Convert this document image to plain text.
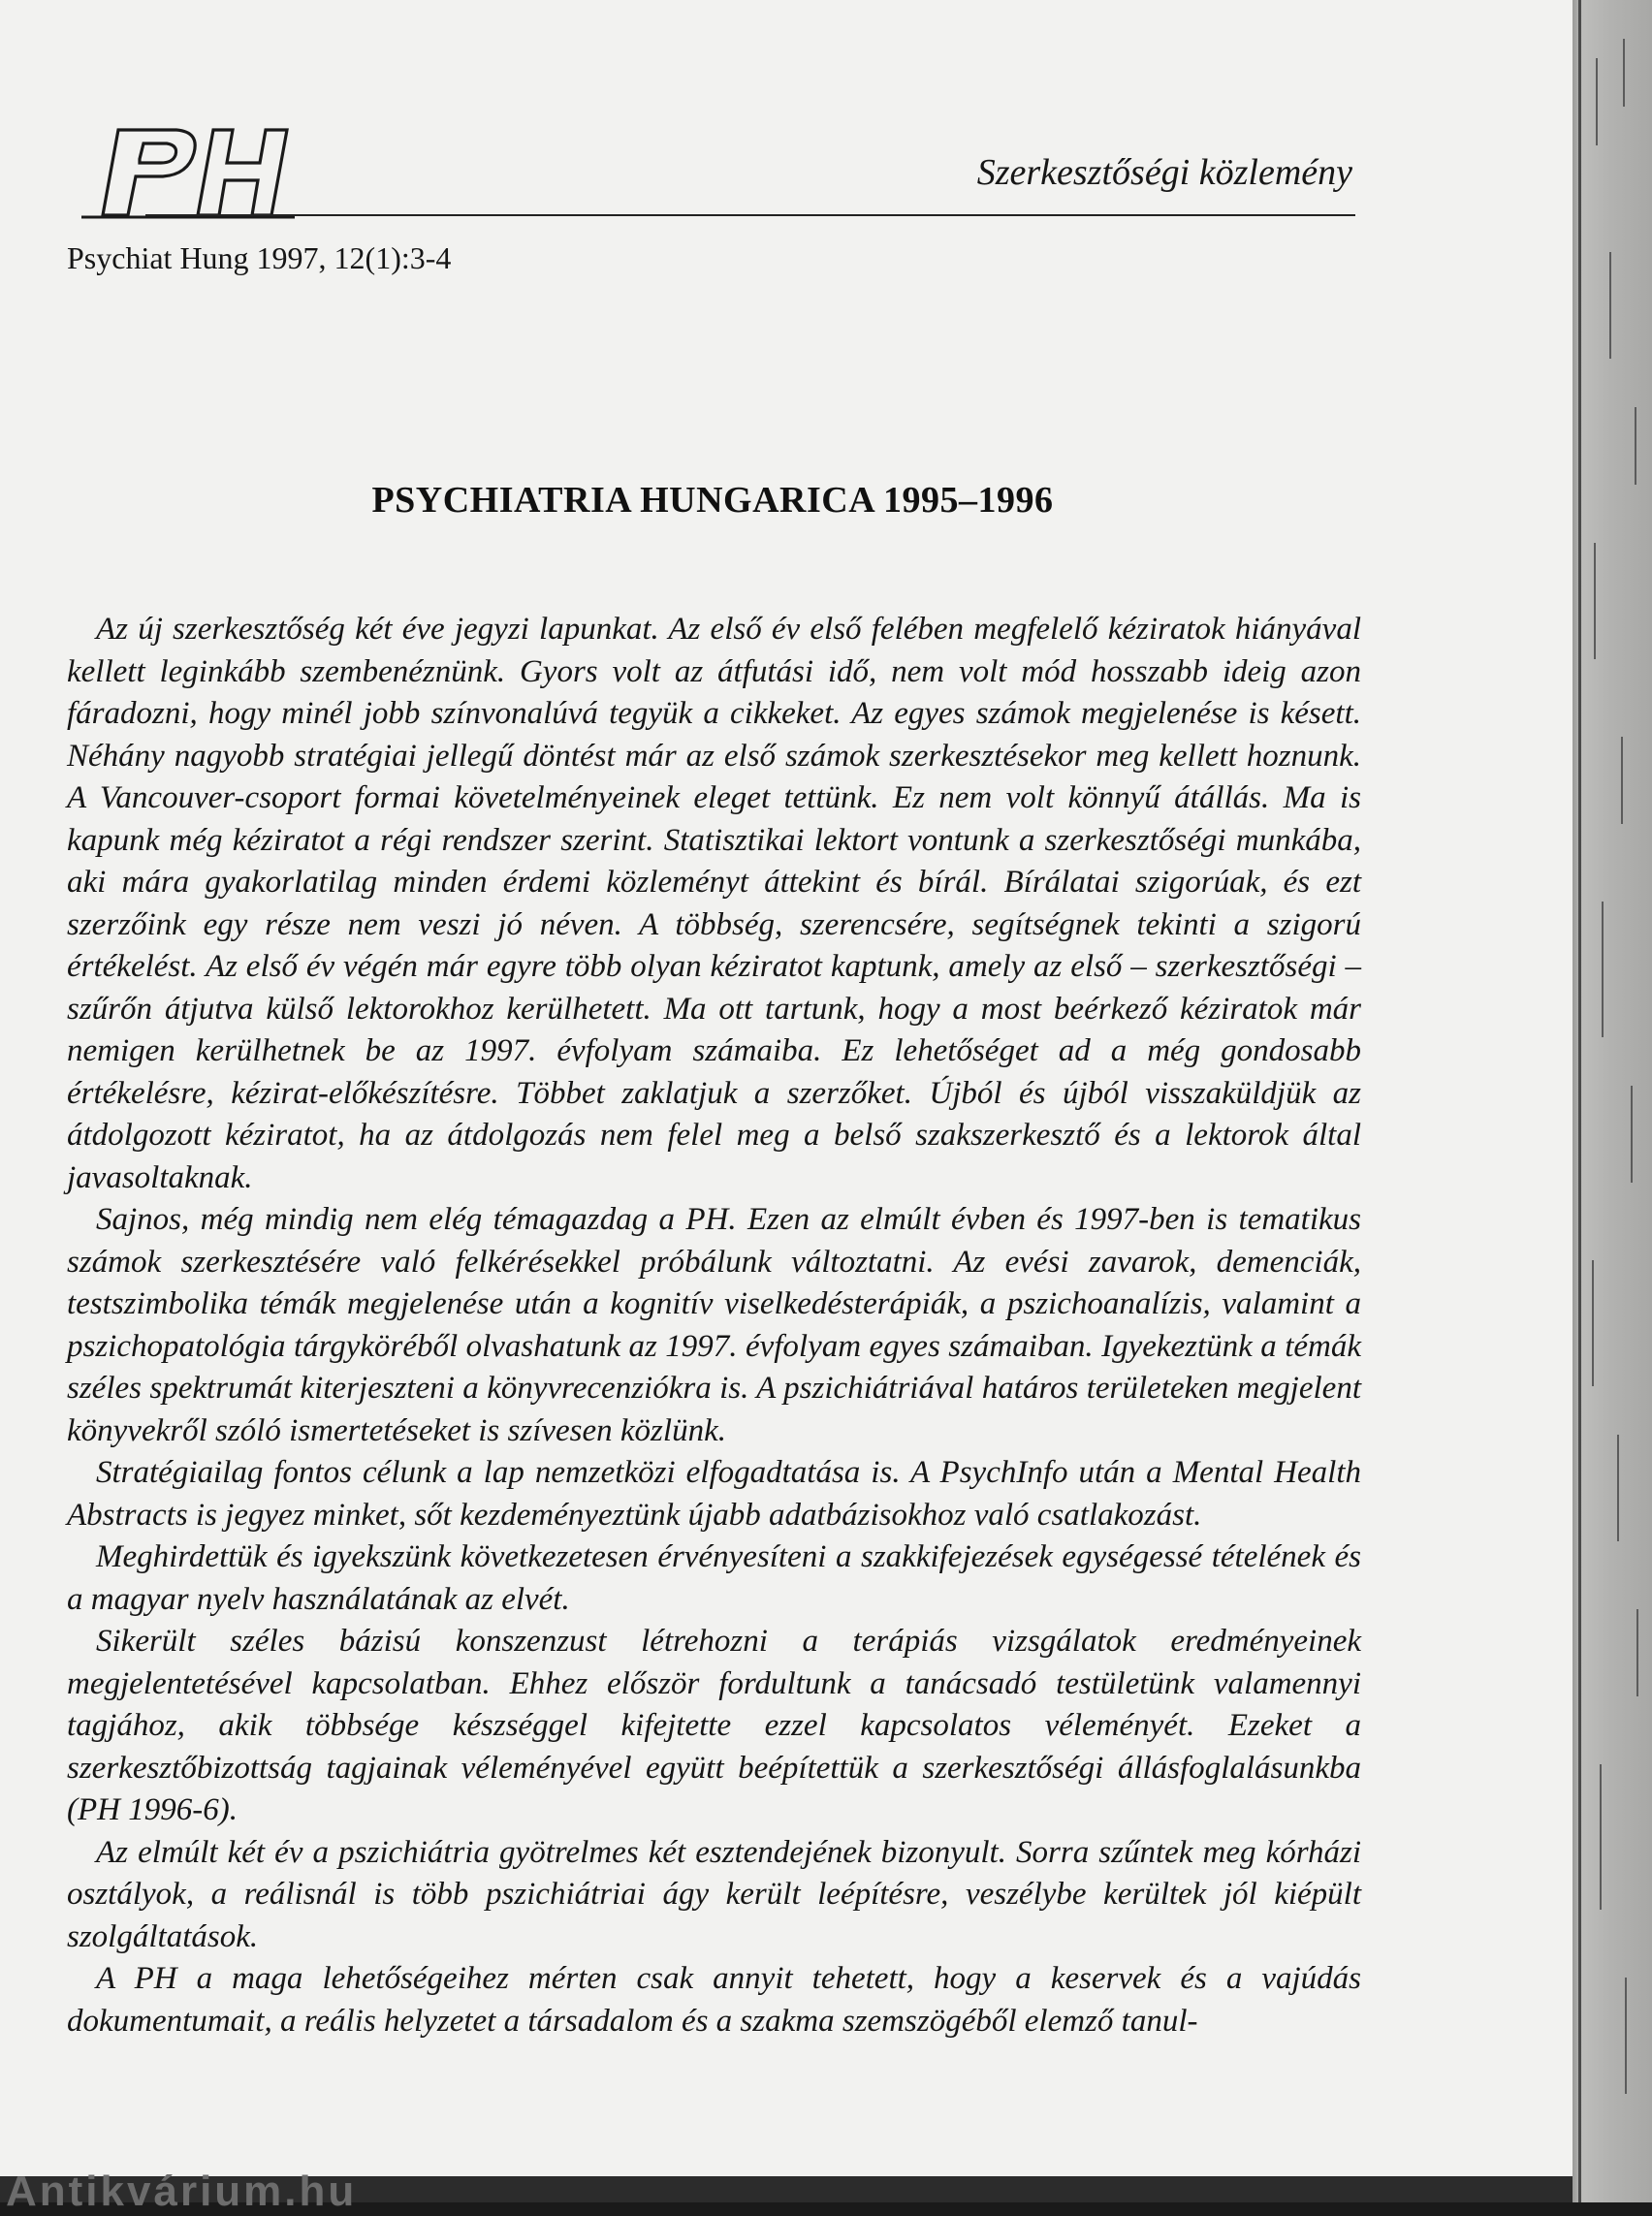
Szerkesztőségi közlemény
Psychiat Hung 1997, 12(1):3-4
PSYCHIATRIA HUNGARICA 1995–1996

Az új szerkesztőség két éve jegyzi lapunkat. Az első év első felében megfelelő kéziratok hiányával kellett leginkább szembenéznünk. Gyors volt az átfutási idő, nem volt mód hosszabb ideig azon fáradozni, hogy minél jobb színvonalúvá tegyük a cikkeket. Az egyes számok megjelenése is késett. Néhány nagyobb stratégiai jellegű döntést már az első számok szerkesztésekor meg kellett hoznunk. A Vancouver-csoport formai követelményeinek eleget tettünk. Ez nem volt könnyű átállás. Ma is kapunk még kéziratot a régi rendszer szerint. Statisztikai lektort vontunk a szerkesztőségi munkába, aki mára gyakorlatilag minden érdemi közleményt áttekint és bírál. Bírálatai szigorúak, és ezt szerzőink egy része nem veszi jó néven. A többség, szerencsére, segítségnek tekinti a szigorú értékelést. Az első év végén már egyre több olyan kéziratot kaptunk, amely az első – szerkesztőségi – szűrőn átjutva külső lektorokhoz kerülhetett. Ma ott tartunk, hogy a most beérkező kéziratok már nemigen kerülhetnek be az 1997. évfolyam számaiba. Ez lehetőséget ad a még gondosabb értékelésre, kézirat-előkészítésre. Többet zaklatjuk a szerzőket. Újból és újból visszaküldjük az átdolgozott kéziratot, ha az átdolgozás nem felel meg a belső szakszerkesztő és a lektorok által javasoltaknak.

Sajnos, még mindig nem elég témagazdag a PH. Ezen az elmúlt évben és 1997-ben is tematikus számok szerkesztésére való felkérésekkel próbálunk változtatni. Az evési zavarok, demenciák, testszimbolika témák megjelenése után a kognitív viselkedésterápiák, a pszichoanalízis, valamint a pszichopatológia tárgyköréből olvashatunk az 1997. évfolyam egyes számaiban. Igyekeztünk a témák széles spektrumát kiterjeszteni a könyvrecenziókra is. A pszichiátriával határos területeken megjelent könyvekről szóló ismertetéseket is szívesen közlünk.

Stratégiailag fontos célunk a lap nemzetközi elfogadtatása is. A PsychInfo után a Mental Health Abstracts is jegyez minket, sőt kezdeményeztünk újabb adatbázisokhoz való csatlakozást.

Meghirdettük és igyekszünk következetesen érvényesíteni a szakkifejezések egységessé tételének és a magyar nyelv használatának az elvét.

Sikerült széles bázisú konszenzust létrehozni a terápiás vizsgálatok eredményeinek megjelentetésével kapcsolatban. Ehhez először fordultunk a tanácsadó testületünk valamennyi tagjához, akik többsége készséggel kifejtette ezzel kapcsolatos véleményét. Ezeket a szerkesztőbizottság tagjainak véleményével együtt beépítettük a szerkesztőségi állásfoglalásunkba (PH 1996-6).

Az elmúlt két év a pszichiátria gyötrelmes két esztendejének bizonyult. Sorra szűntek meg kórházi osztályok, a reálisnál is több pszichiátriai ágy került leépítésre, veszélybe kerültek jól kiépült szolgáltatások.

A PH a maga lehetőségeihez mérten csak annyit tehetett, hogy a keservek és a vajúdás dokumentumait, a reális helyzetet a társadalom és a szakma szemszögéből elemző tanul-

Antikvárium.hu
